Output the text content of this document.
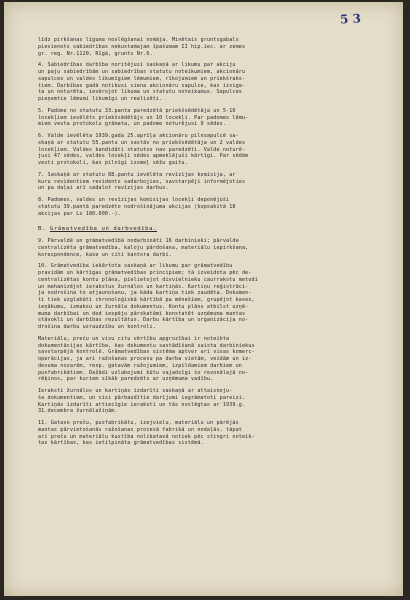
5 3
līdz pirkšanas līguma noslēgšanai nomāja. Minētais gruntsgabals
pievienots sabiedrības nekustamajam īpašumam II hip.iec. ar zemes
gr. reg. Nr.1120, Rīgā, grunts Nr.6.
4. Sabiedrības darbība noritējusi saskaņā ar likumu par akciju
un paju sabiedrībām un sabiedrības statutu noteikumiem, akcionāru
sapulces un valdes likumīgiem lēmumiem, rīkojumiem un priekšraks-
tiem. Darbības gadā notikusi viena akcionāru sapulce, kas izsiga-
ta un noturēta, ievērojot likuma un statutu noteikumus. Sapulces
pieņemtie lēmumi likumīgi un realizēti.
5. Padome no statutu 33.panta paredzētā priekšsēdētāja un 5-10
locekļiem ievēlēts priekšsēdētājs un 10 locekļi. Par padomes lēmu-
miem vesta protokolu grāmata, un padome noturējusi 9 sēdes.
6. Valde ievēlēta 1939.gada 25.aprīļa akcionāru pilnsapulcē sa-
skaņā ar statutu 55.pantu un sastāv no priekšsēdētāja un 2 valdes
locekļiem. Valdes kandidāti statutos nav paredzēti. Valde noturē-
jusi 47 sēdes, valdes locekļi sēdes apmeklējuši kārtīgi. Par sēdēm
vesti protokoli, kas pilnīgi izsmeļ sēžu gaitu.
7. Saskaņā ar statutu 88.pantu ievēlēta revīzijas komisija, ar
kuru revidentiem revidents sadarbojies, savstarpēji informējoties
un pa daļai arī sadalot revīzijas darbus.
8. Padomes, valdes un revīzijas komisijas locekļi deponējuši
statutu 39.pantā paredzēto nodrošinājuma akcijas (kopsakitā 18
akcijas par Ls 180.000.-).
B. Grāmatvedība un darbvedība.
9. Pārvaldē un grāmatvedībā nodarbināti 16 darbinieki; pārvalde
centralizēta grāmatvedība, kaloju pārdošana, materiālu iepirkšana,
korespondence, kase un citi kantora darbi.
10. Grāmatvedība iekārtota saskaņā ar likumu par grāmatvedību
pravidām un kārtīgas grāmatvedības principiem; tā izveidota pēc de-
centralizētas kontu plāna, pielietojot divvielnieku caurrakstu metodi
un mehanizējot ierakstus žurnālos un kartiņās. Kartiņu reģistrāci-
ja nodrošina to atjaunošanu, ja kāda kartiņa tiek zaudēta. Dokumen-
ti tiek uzglabāti chronoloģiskā kārtībā pa mēnešiem, grupējot kases,
ieņākumu, izmaksu un žurnāla dokumentus. Kontu plāns atbilst uzņē-
muma darbībai un dod iespēju pārskatāmi konstatēt uzņēmuma mantas
stāvokli un darbības rezultātus. Darbu kārtība un organizācija no-
drošina darbu uzraudzību un kontroli.
Materiālu, preču un visu citu vērtību apgrozībai ir noteikta
dokumentācijas kārtība, kas dokumentu sastādīšanā saista darbiniekus
savstarpējā kontrolē. Grāmatvedības sistēma aptver ari visas komerc-
operācijas, ja ari ražošanas procesu pa darba vietām, veidām un iz-
devuma nozarēm, resp. gatavām ražojumiem, izpildamiem darbiem un
pusfabrikātiem. Dažādi uzlabojumi būtu vajadzīgi šo rezonālajā no-
rēķinos, par kuriem sīkāk paredzēts ar uzņēmuma vadību.
Ieraksti žurnālos un kartiņās izdarīti saskaņā ar attaisnoju-
ša dokumentiem, un visi pārbaudītie darījumi iegrāmatoti pareizi.
Kartiņās izdarīti attiecīgie ieraksti un tās noslēgtas ar 1939.g.
31.decembra žurnālažiņām.
11. Gatavo preču, pusfabrikātu, izejvielu, materiālu un pārējās
mantas pārvietošanās ražošanas procesā fabrikā un nodaļās, tāpat
ari preču un materiālu kustība nolikatavā notiek pēc stingri noteik-
tas kārtības, kas ietilpināta grāmatvedības sistēmā.
